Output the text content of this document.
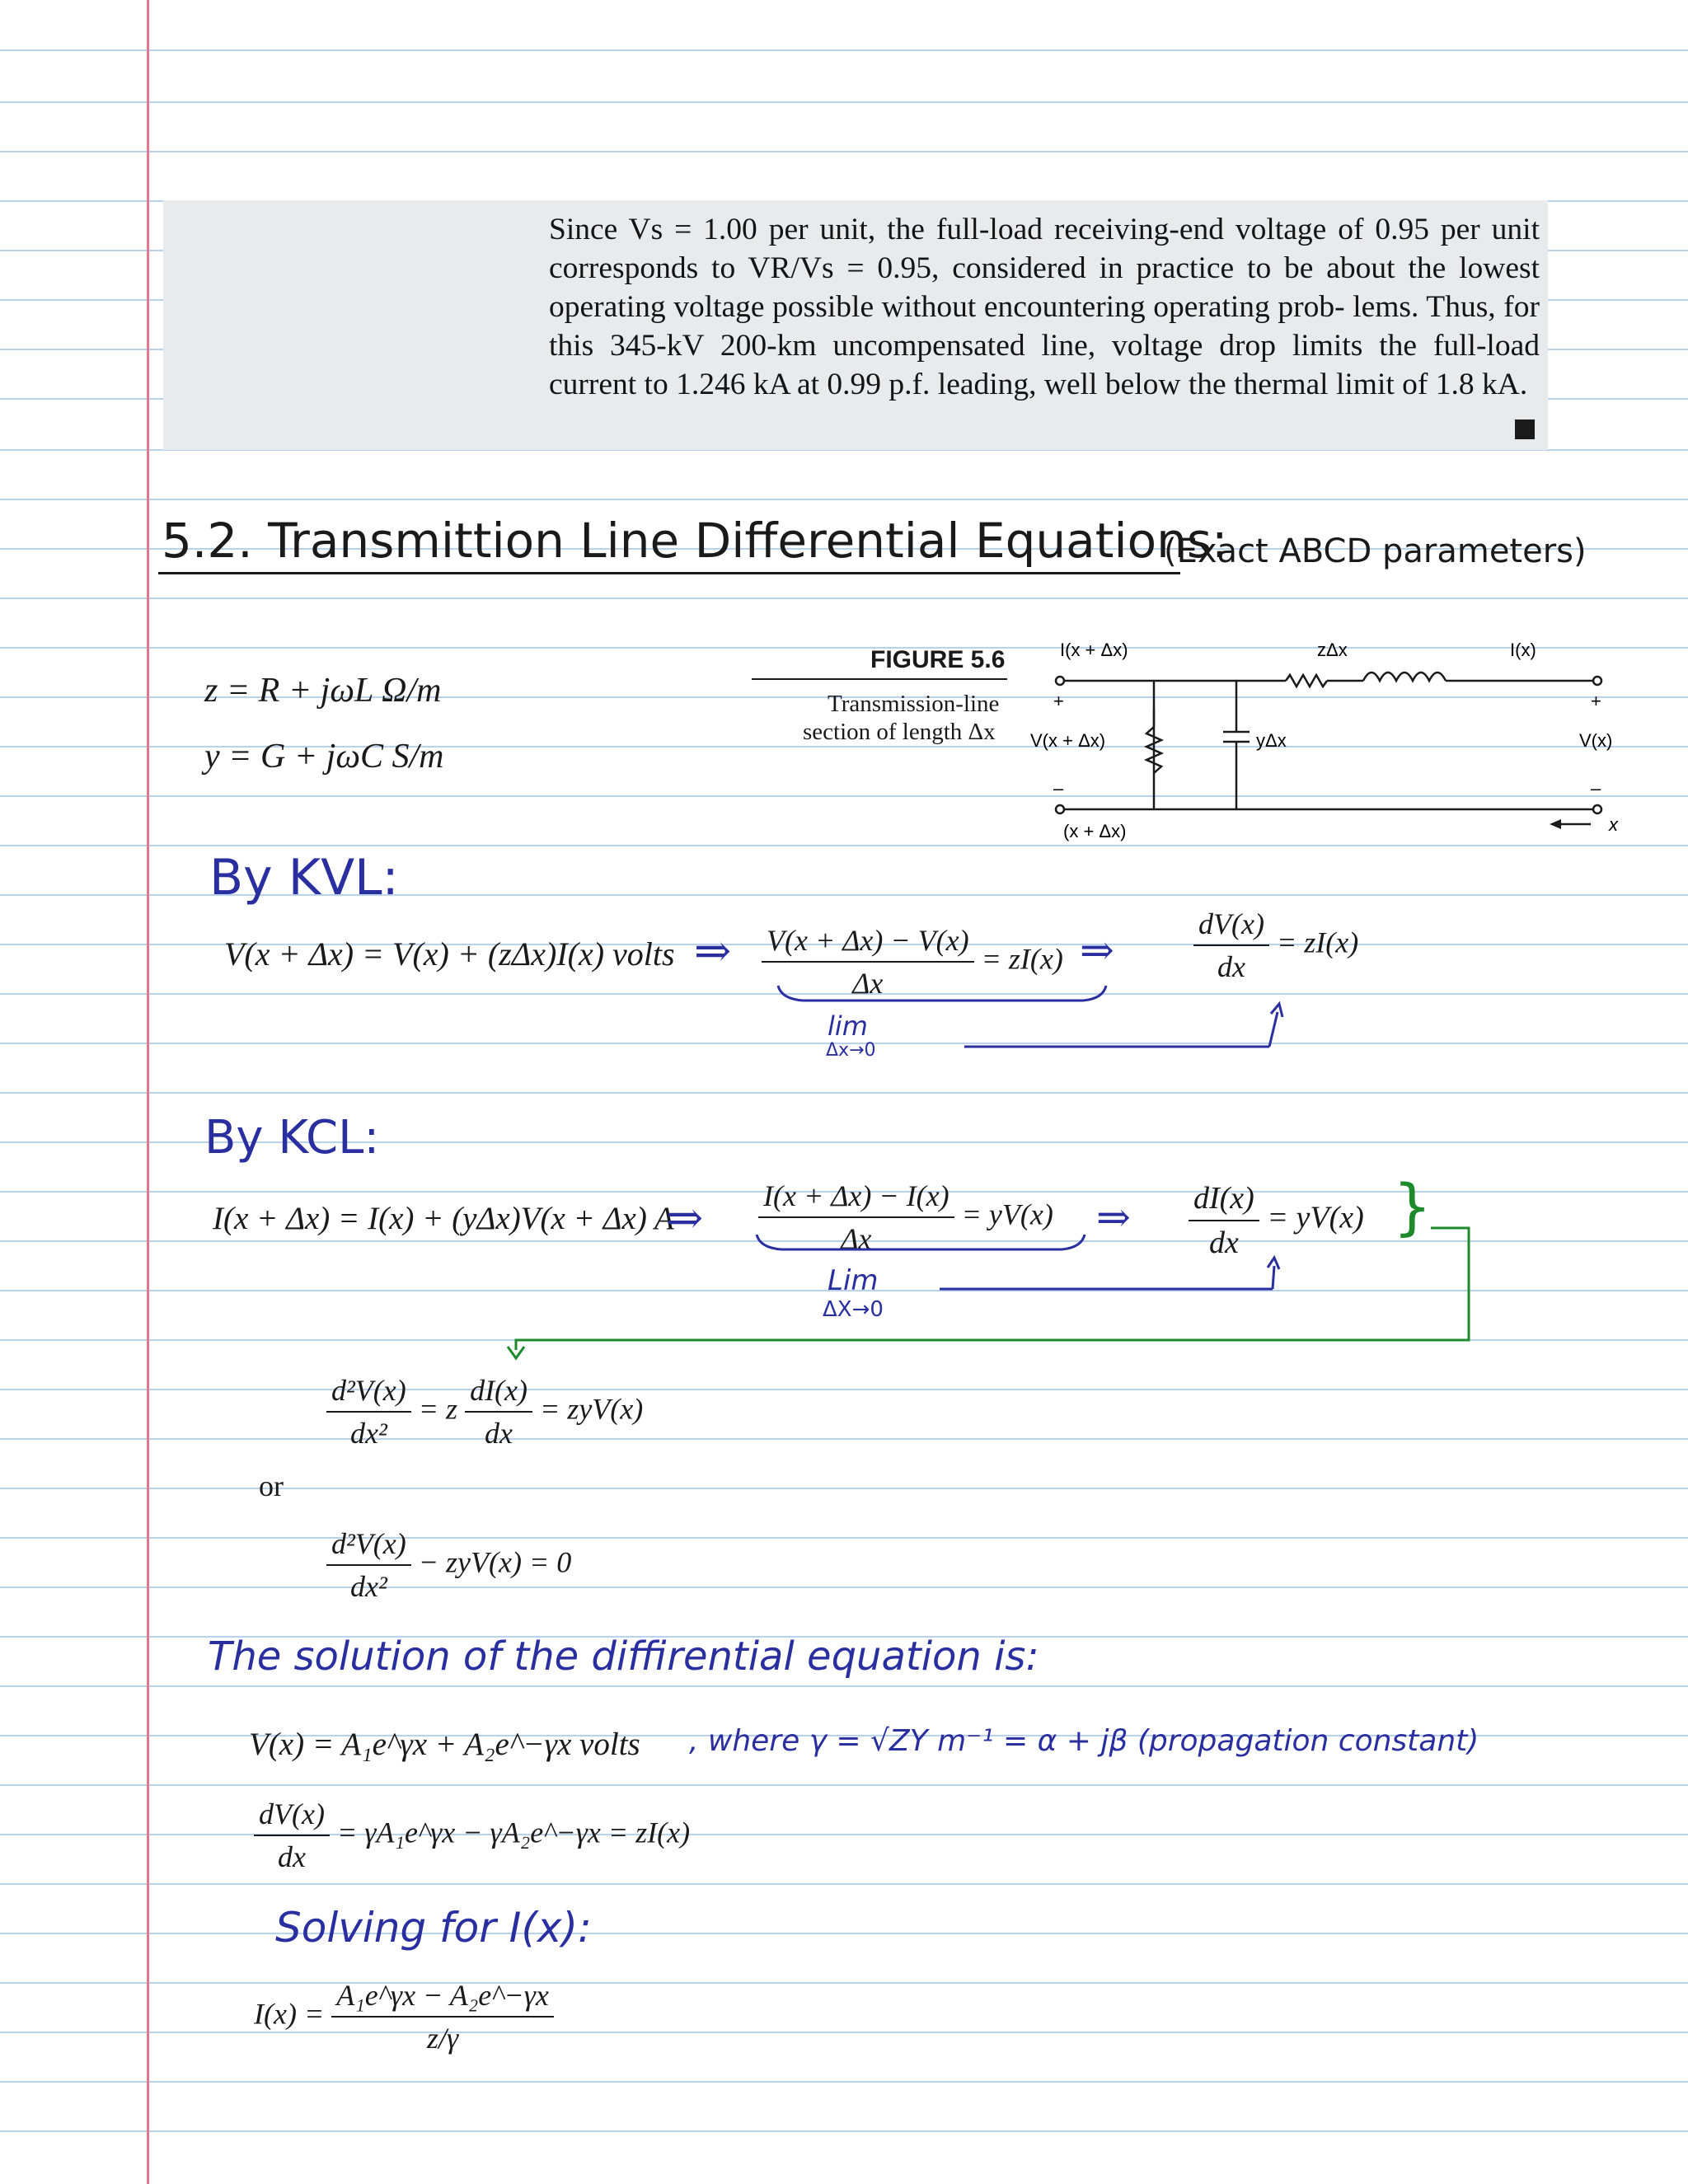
Since Vs = 1.00 per unit, the full-load receiving-end voltage of 0.95 per unit corresponds to VR/Vs = 0.95, considered in practice to be about the lowest operating voltage possible without encountering operating prob- lems. Thus, for this 345-kV 200-km uncompensated line, voltage drop limits the full-load current to 1.246 kA at 0.99 p.f. leading, well below the thermal limit of 1.8 kA.
5.2. Transmittion Line Differential Equations:
(Exact ABCD parameters)
z = R + jωL Ω/m
y = G + jωC S/m
FIGURE 5.6
Transmission-line
section of length Δx
I(x + Δx)	zΔx	I(x)
+	+
V(x + Δx)	yΔx	V(x)
–	–
(x + Δx)	x
By KVL:
V(x + Δx) = V(x) + (zΔx)I(x) volts ⇒ $\frac{V(x + \Delta x) - V(x)}{\Delta x} = zI(x)$ ⇒	$\frac{dV(x)}{dx} = zI(x)$
lim
Δx→0
By KCL:
I(x + Δx) = I(x) + (yΔx)V(x + Δx) A
⇒ $\frac{I(x + \Delta x) - I(x)}{\Delta x} = yV(x)$ ⇒ $\frac{dI(x)}{dx} = yV(x)$ }
Lim
ΔX→0
$\frac{\text{d²V(x)}}{\text{dx²}} = z \frac{dI(x)}{dx} = zyV(x)$
or
$\frac{\text{d²V(x)}}{\text{dx²}} - zyV(x) = 0$
The solution of the diffirential equation is:
V(x) = A₁e^γx + A₂e^−γx volts , where γ = √ZY m⁻¹ = α + jβ (propagation constant)
$\frac{dV(x)}{dx}$ = γA₁e^γx − γA₂e^−γx = zI(x)
Solving for I(x):
$I(x) = \frac{\text{A₁e\textasciicircum{}γx − A₂e\textasciicircum{}−γx}}{z/\gamma}$
